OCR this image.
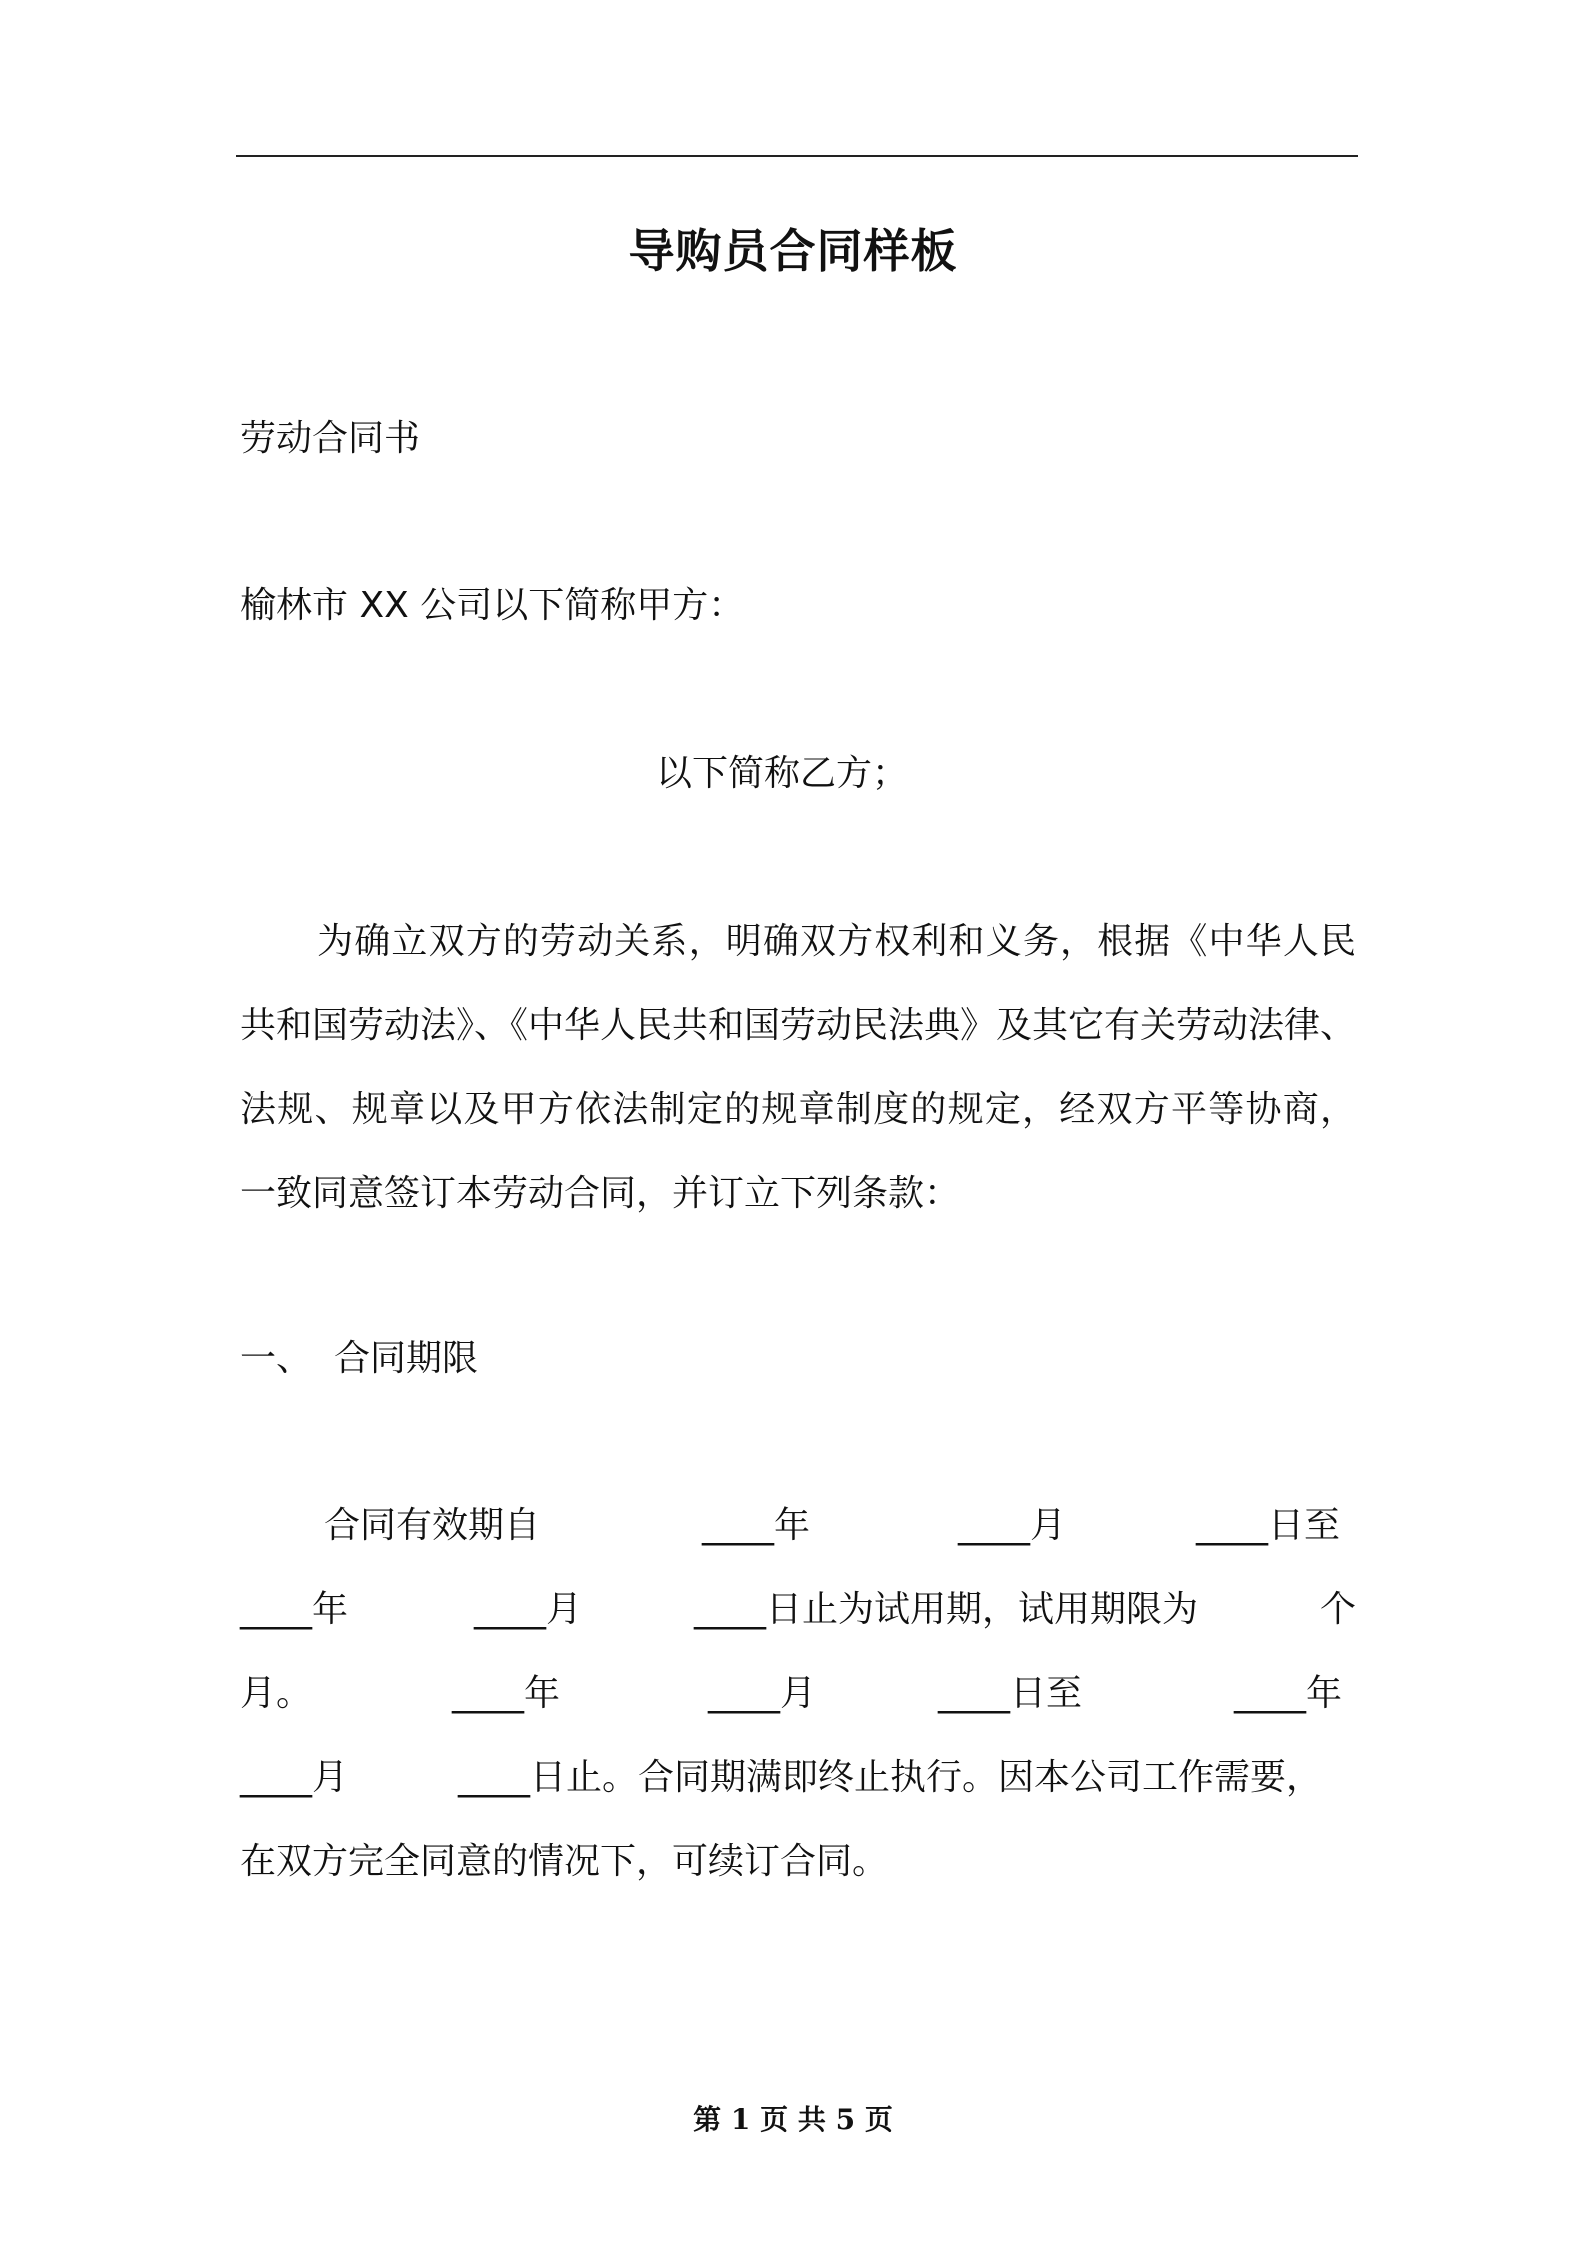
导购员合同样板
劳动合同书
榆林市 XX 公司以下简称甲方：
以下简称乙方；
为确立双方的劳动关系，明确双方权利和义务，根据《中华人民
共和国劳动法》、《中华人民共和国劳动民法典》及其它有关劳动法律、
法规、规章以及甲方依法制定的规章制度的规定，经双方平等协商，
一致同意签订本劳动合同，并订立下列条款：
一、 合同期限
合同有效期自	____年	____月	____日至
____年	____月	____日止为试用期，试用期限为	个
月。	____年	____月	____日至	____年
____月	____日止。合同期满即终止执行。因本公司工作需要，
在双方完全同意的情况下，可续订合同。
第 1 页 共 5 页
